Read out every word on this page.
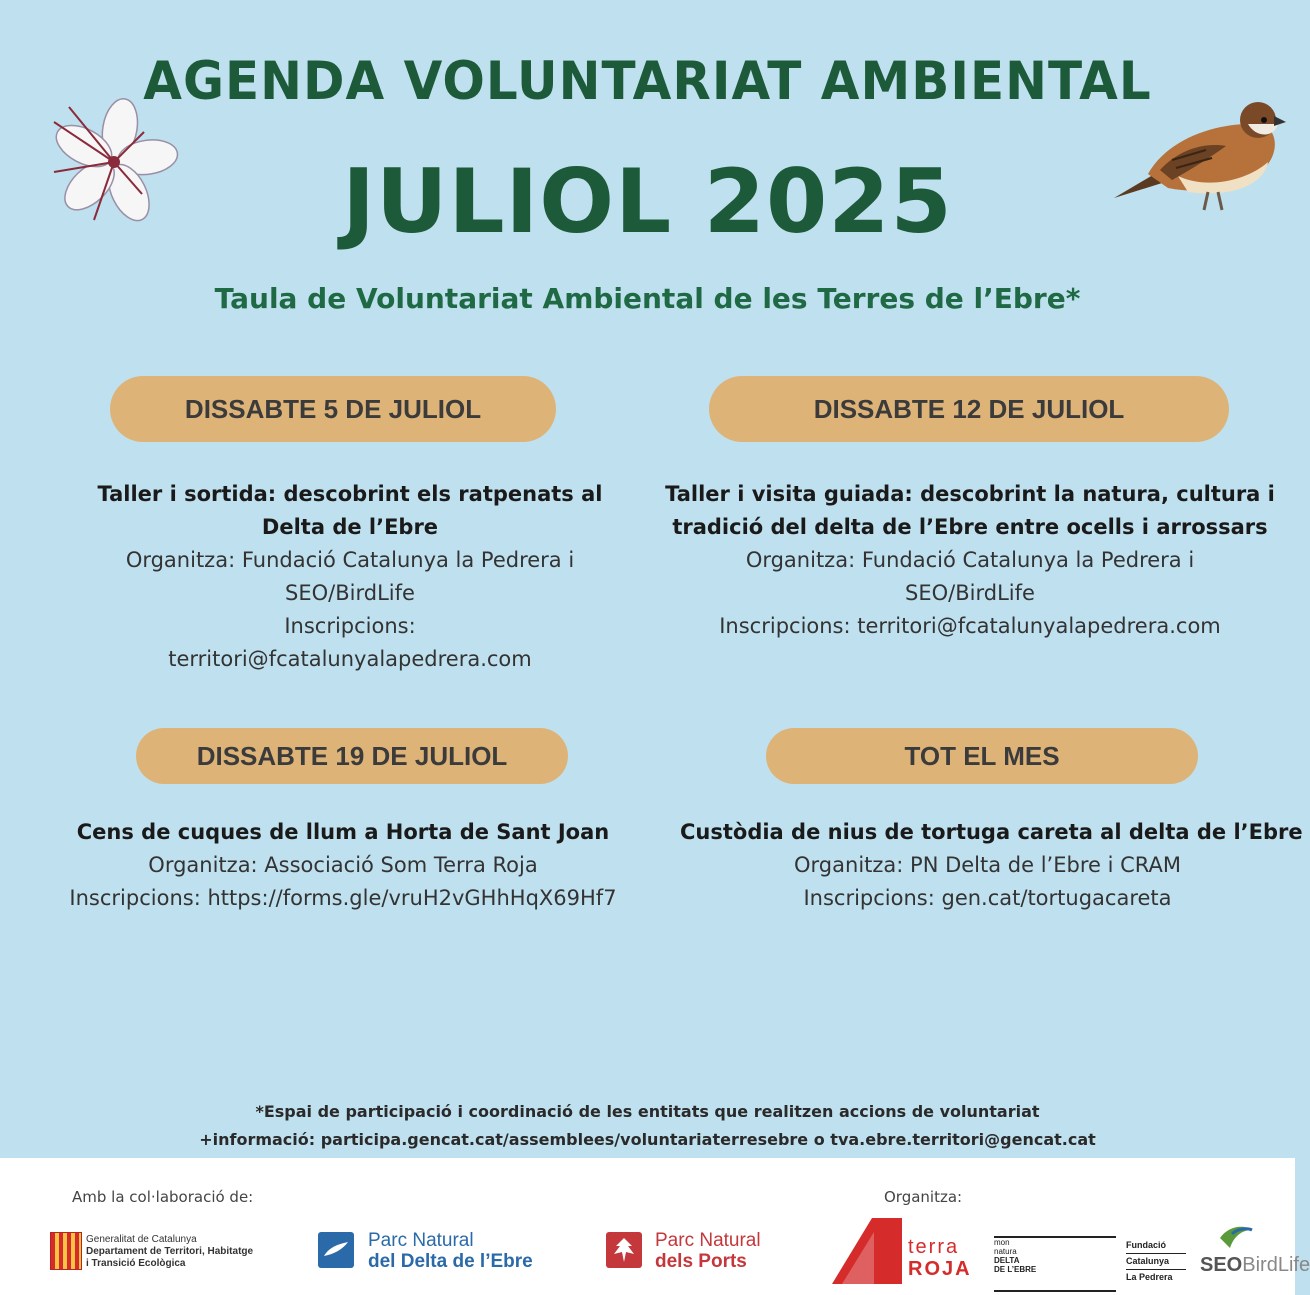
AGENDA VOLUNTARIAT AMBIENTAL
JULIOL 2025
Taula de Voluntariat Ambiental de les Terres de l’Ebre*
DISSABTE 5 DE JULIOL
Taller i sortida: descobrint els ratpenats al
Delta de l’Ebre
Organitza: Fundació Catalunya la Pedrera i
SEO/BirdLife
Inscripcions:
territori@fcatalunyalapedrera.com
DISSABTE 12 DE JULIOL
Taller i visita guiada: descobrint la natura, cultura i
tradició del delta de l’Ebre entre ocells i arrossars
Organitza: Fundació Catalunya la Pedrera i
SEO/BirdLife
Inscripcions: territori@fcatalunyalapedrera.com
DISSABTE 19 DE JULIOL
Cens de cuques de llum a Horta de Sant Joan
Organitza: Associació Som Terra Roja
Inscripcions: https://forms.gle/vruH2vGHhHqX69Hf7
TOT EL MES
Custòdia de nius de tortuga careta al delta de l’Ebre
Organitza: PN Delta de l’Ebre i CRAM
Inscripcions: gen.cat/tortugacareta
*Espai de participació i coordinació de les entitats que realitzen accions de voluntariat
+informació: participa.gencat.cat/assemblees/voluntariaterresebre o tva.ebre.territori@gencat.cat
Amb la col·laboració de:	Organitza:
Generalitat de Catalunya
Departament de Territori, Habitatge
i Transició Ecològica
Parc Natural
del Delta de l’Ebre
Parc Natural
dels Ports
terra
ROJA
mon
natura
DELTA
DE L’EBRE
Fundació
Catalunya
La Pedrera
SEOBirdLife
